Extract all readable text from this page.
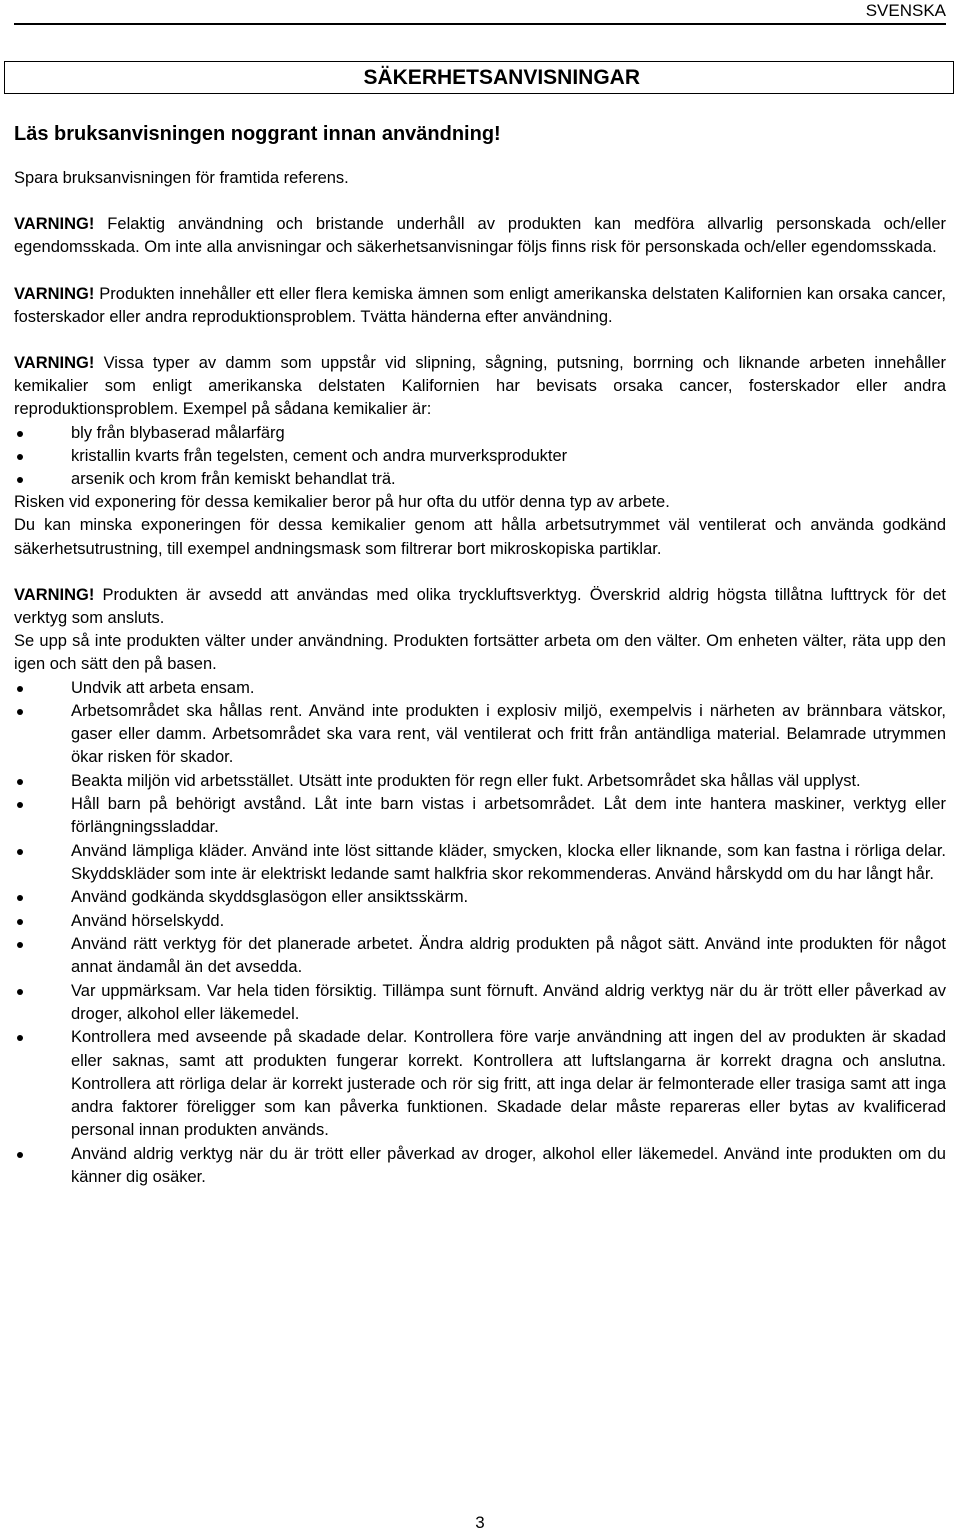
SVENSKA
SÄKERHETSANVISNINGAR
Läs bruksanvisningen noggrant innan användning!

Spara bruksanvisningen för framtida referens.

VARNING! Felaktig användning och bristande underhåll av produkten kan medföra allvarlig personskada och/eller egendomsskada. Om inte alla anvisningar och säkerhetsanvisningar följs finns risk för personskada och/eller egendomsskada.

VARNING! Produkten innehåller ett eller flera kemiska ämnen som enligt amerikanska delstaten Kalifornien kan orsaka cancer, fosterskador eller andra reproduktionsproblem. Tvätta händerna efter användning.

VARNING! Vissa typer av damm som uppstår vid slipning, sågning, putsning, borrning och liknande arbeten innehåller kemikalier som enligt amerikanska delstaten Kalifornien har bevisats orsaka cancer, fosterskador eller andra reproduktionsproblem. Exempel på sådana kemikalier är:

bly från blybaserad målarfärg
kristallin kvarts från tegelsten, cement och andra murverksprodukter
arsenik och krom från kemiskt behandlat trä.

Risken vid exponering för dessa kemikalier beror på hur ofta du utför denna typ av arbete.

Du kan minska exponeringen för dessa kemikalier genom att hålla arbetsutrymmet väl ventilerat och använda godkänd säkerhetsutrustning, till exempel andningsmask som filtrerar bort mikroskopiska partiklar.

VARNING! Produkten är avsedd att användas med olika tryckluftsverktyg. Överskrid aldrig högsta tillåtna lufttryck för det verktyg som ansluts.

Se upp så inte produkten välter under användning. Produkten fortsätter arbeta om den välter. Om enheten välter, räta upp den igen och sätt den på basen.

Undvik att arbeta ensam.
Arbetsområdet ska hållas rent. Använd inte produkten i explosiv miljö, exempelvis i närheten av brännbara vätskor, gaser eller damm. Arbetsområdet ska vara rent, väl ventilerat och fritt från antändliga material. Belamrade utrymmen ökar risken för skador.
Beakta miljön vid arbetsstället. Utsätt inte produkten för regn eller fukt. Arbetsområdet ska hållas väl upplyst.
Håll barn på behörigt avstånd. Låt inte barn vistas i arbetsområdet. Låt dem inte hantera maskiner, verktyg eller förlängningssladdar.
Använd lämpliga kläder. Använd inte löst sittande kläder, smycken, klocka eller liknande, som kan fastna i rörliga delar. Skyddskläder som inte är elektriskt ledande samt halkfria skor rekommenderas. Använd hårskydd om du har långt hår.
Använd godkända skyddsglasögon eller ansiktsskärm.
Använd hörselskydd.
Använd rätt verktyg för det planerade arbetet. Ändra aldrig produkten på något sätt. Använd inte produkten för något annat ändamål än det avsedda.
Var uppmärksam. Var hela tiden försiktig. Tillämpa sunt förnuft. Använd aldrig verktyg när du är trött eller påverkad av droger, alkohol eller läkemedel.
Kontrollera med avseende på skadade delar. Kontrollera före varje användning att ingen del av produkten är skadad eller saknas, samt att produkten fungerar korrekt. Kontrollera att luftslangarna är korrekt dragna och anslutna. Kontrollera att rörliga delar är korrekt justerade och rör sig fritt, att inga delar är felmonterade eller trasiga samt att inga andra faktorer föreligger som kan påverka funktionen. Skadade delar måste repareras eller bytas av kvalificerad personal innan produkten används.
Använd aldrig verktyg när du är trött eller påverkad av droger, alkohol eller läkemedel. Använd inte produkten om du känner dig osäker.
3
